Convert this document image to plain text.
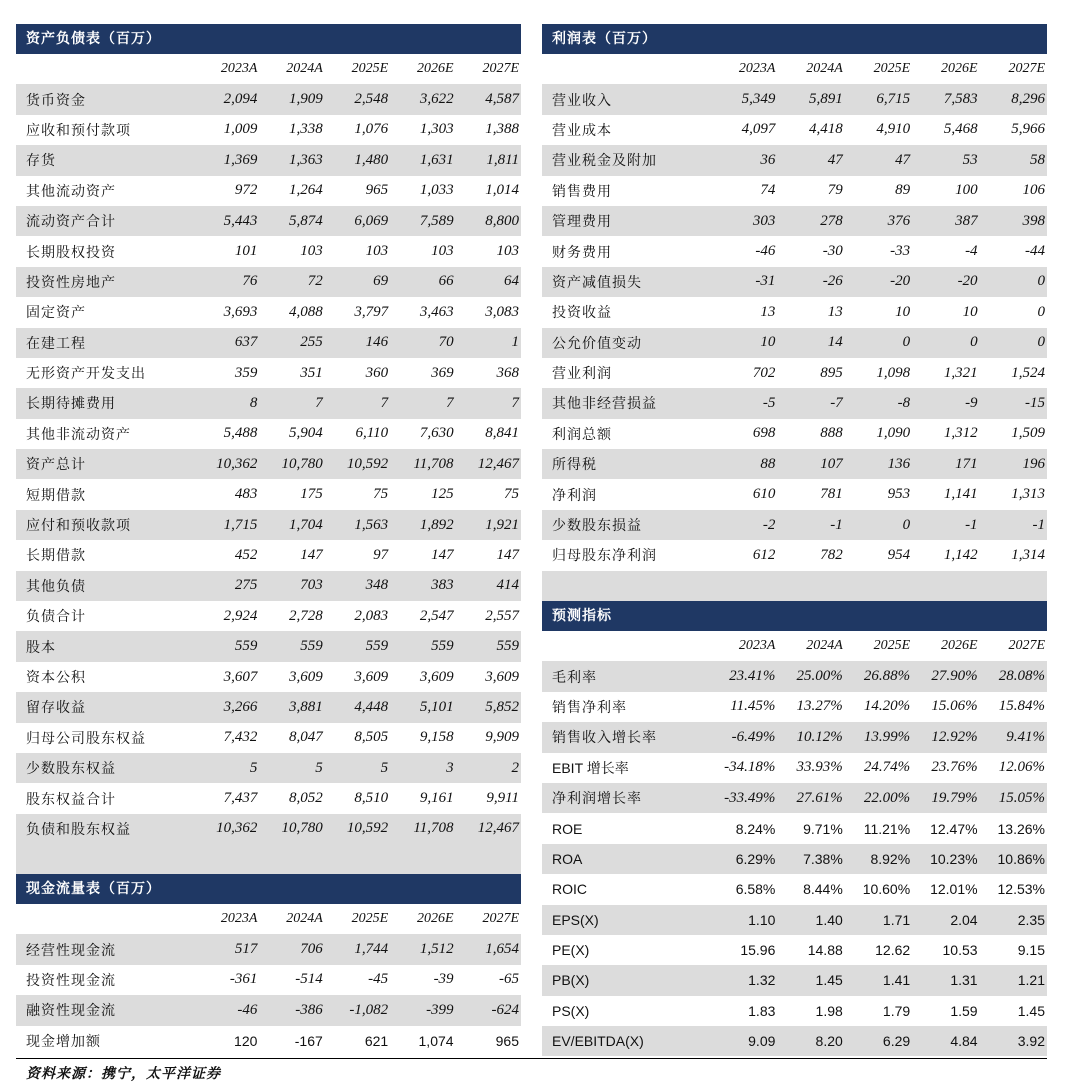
资产负债表（百万）
	2023A	2024A	2025E	2026E	2027E
货币资金	2,094	1,909	2,548	3,622	4,587
应收和预付款项	1,009	1,338	1,076	1,303	1,388
存货	1,369	1,363	1,480	1,631	1,811
其他流动资产	972	1,264	965	1,033	1,014
流动资产合计	5,443	5,874	6,069	7,589	8,800
长期股权投资	101	103	103	103	103
投资性房地产	76	72	69	66	64
固定资产	3,693	4,088	3,797	3,463	3,083
在建工程	637	255	146	70	1
无形资产开发支出	359	351	360	369	368
长期待摊费用	8	7	7	7	7
其他非流动资产	5,488	5,904	6,110	7,630	8,841
资产总计	10,362	10,780	10,592	11,708	12,467
短期借款	483	175	75	125	75
应付和预收款项	1,715	1,704	1,563	1,892	1,921
长期借款	452	147	97	147	147
其他负债	275	703	348	383	414
负债合计	2,924	2,728	2,083	2,547	2,557
股本	559	559	559	559	559
资本公积	3,607	3,609	3,609	3,609	3,609
留存收益	3,266	3,881	4,448	5,101	5,852
归母公司股东权益	7,432	8,047	8,505	9,158	9,909
少数股东权益	5	5	5	3	2
股东权益合计	7,437	8,052	8,510	9,161	9,911
负债和股东权益	10,362	10,780	10,592	11,708	12,467
现金流量表（百万）
	2023A	2024A	2025E	2026E	2027E
经营性现金流	517	706	1,744	1,512	1,654
投资性现金流	-361	-514	-45	-39	-65
融资性现金流	-46	-386	-1,082	-399	-624
现金增加额	120	-167	621	1,074	965
利润表（百万）
	2023A	2024A	2025E	2026E	2027E
营业收入	5,349	5,891	6,715	7,583	8,296
营业成本	4,097	4,418	4,910	5,468	5,966
营业税金及附加	36	47	47	53	58
销售费用	74	79	89	100	106
管理费用	303	278	376	387	398
财务费用	-46	-30	-33	-4	-44
资产减值损失	-31	-26	-20	-20	0
投资收益	13	13	10	10	0
公允价值变动	10	14	0	0	0
营业利润	702	895	1,098	1,321	1,524
其他非经营损益	-5	-7	-8	-9	-15
利润总额	698	888	1,090	1,312	1,509
所得税	88	107	136	171	196
净利润	610	781	953	1,141	1,313
少数股东损益	-2	-1	0	-1	-1
归母股东净利润	612	782	954	1,142	1,314
预测指标
	2023A	2024A	2025E	2026E	2027E
毛利率	23.41%	25.00%	26.88%	27.90%	28.08%
销售净利率	11.45%	13.27%	14.20%	15.06%	15.84%
销售收入增长率	-6.49%	10.12%	13.99%	12.92%	9.41%
EBIT 增长率	-34.18%	33.93%	24.74%	23.76%	12.06%
净利润增长率	-33.49%	27.61%	22.00%	19.79%	15.05%
ROE	8.24%	9.71%	11.21%	12.47%	13.26%
ROA	6.29%	7.38%	8.92%	10.23%	10.86%
ROIC	6.58%	8.44%	10.60%	12.01%	12.53%
EPS(X)	1.10	1.40	1.71	2.04	2.35
PE(X)	15.96	14.88	12.62	10.53	9.15
PB(X)	1.32	1.45	1.41	1.31	1.21
PS(X)	1.83	1.98	1.79	1.59	1.45
EV/EBITDA(X)	9.09	8.20	6.29	4.84	3.92
资料来源：携宁，太平洋证券
